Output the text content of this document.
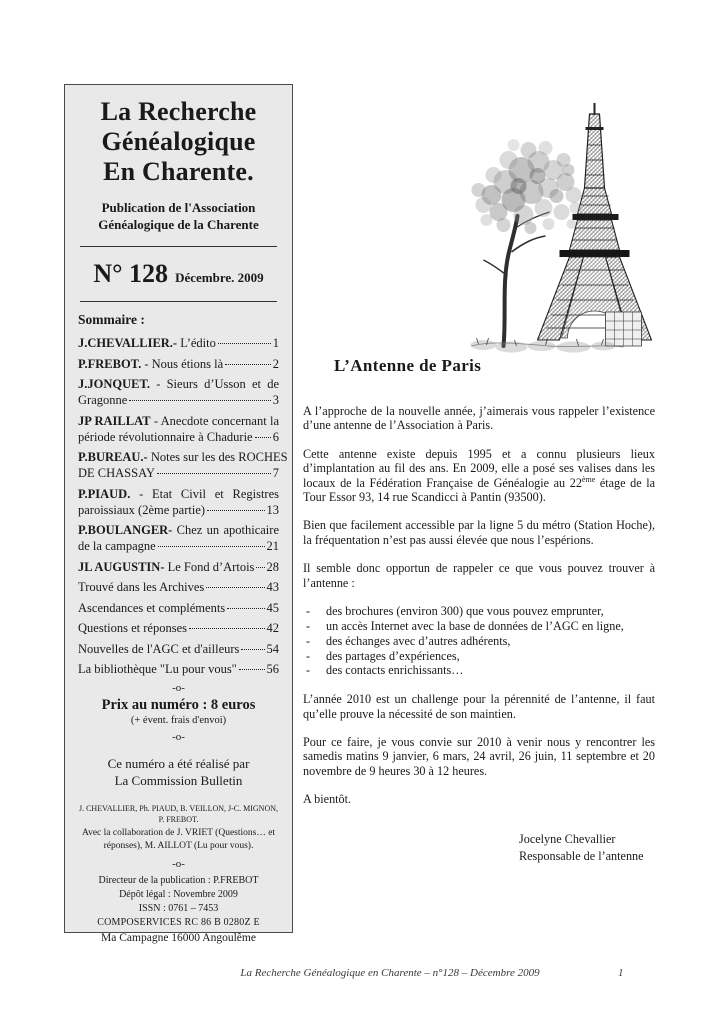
La Recherche
Généalogique
En Charente.
Publication de l'Association
Généalogique de la Charente
N° 128 Décembre. 2009
Sommaire :
J.CHEVALLIER.- L’édito	1
P.FREBOT. - Nous étions là	2
J.JONQUET. - Sieurs d’Usson et de
Gragonne	3
JP RAILLAT - Anecdote concernant la
période révolutionnaire à Chadurie 6
P.BUREAU.- Notes sur les des ROCHES
DE CHASSAY	7
P.PIAUD. - Etat Civil et Registres
paroissiaux (2ème partie)	13
P.BOULANGER- Chez un apothicaire
de la campagne	21
JL AUGUSTIN- Le Fond d’Artois 28
Trouvé dans les Archives	43
Ascendances et compléments	45
Questions et réponses	42
Nouvelles de l'AGC et d'ailleurs 54
La bibliothèque "Lu pour vous" 56
-o-
Prix au numéro : 8 euros
(+ évent. frais d'envoi)
-o-
Ce numéro a été réalisé par
La Commission Bulletin
J. CHEVALLIER, Ph. PIAUD, B. VEILLON, J-C. MIGNON, P. FREBOT.
Avec la collaboration de J. VRIET (Questions… et réponses), M. AILLOT (Lu pour vous).
-o-
Directeur de la publication : P.FREBOT
Dépôt légal : Novembre 2009
ISSN : 0761 – 7453
COMPOSERVICES RC 86 B 0280Z E
Ma Campagne 16000 Angoulême
L’Antenne de Paris

A l’approche de la nouvelle année, j’aimerais vous rappeler l’existence d’une antenne de l’Association à Paris.

Cette antenne existe depuis 1995 et a connu plusieurs lieux d’implantation au fil des ans. En 2009, elle a posé ses valises dans les locaux de la Fédération Française de Généalogie au 22ème étage de la Tour Essor 93, 14 rue Scandicci à Pantin (93500).

Bien que facilement accessible par la ligne 5 du métro (Station Hoche), la fréquentation n’est pas aussi élevée que nous l’espérions.

Il semble donc opportun de rappeler ce que vous pouvez trouver à l’antenne :

-	des brochures (environ 300) que vous pouvez emprunter,
-	un accès Internet avec la base de données de l’AGC en ligne,
-	des échanges avec d’autres adhérents,
-	des partages d’expériences,
-	des contacts enrichissants…

L’année 2010 est un challenge pour la pérennité de l’antenne, il faut qu’elle prouve la nécessité de son maintien.

Pour ce faire, je vous convie sur 2010 à venir nous y rencontrer les samedis matins 9 janvier, 6 mars, 24 avril, 26 juin, 11 septembre et 20 novembre de 9 heures 30 à 12 heures.

A bientôt.

Jocelyne Chevallier
Responsable de l’antenne
La Recherche Généalogique en Charente – n°128 – Décembre 2009	1
